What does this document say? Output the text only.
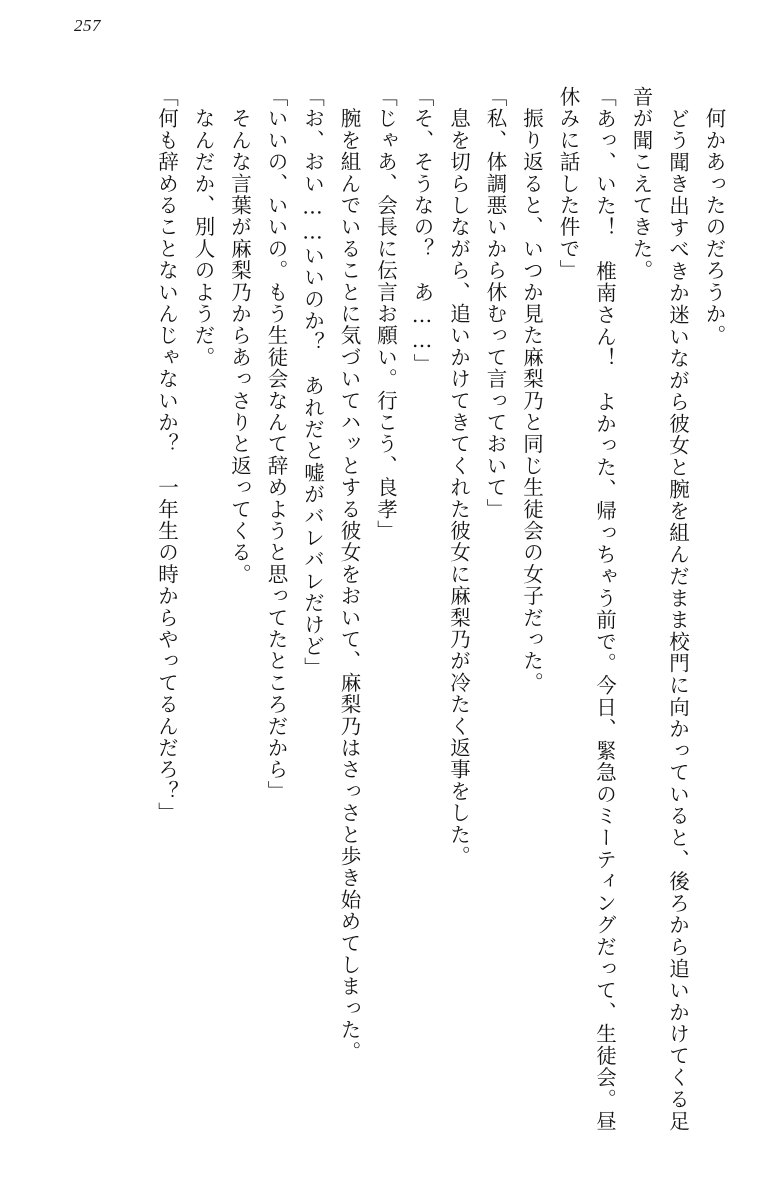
257

　何かあったのだろうか。

　どう聞き出すべきか迷いながら彼女と腕を組んだまま校門に向かっていると、後ろから追いかけてくる足音が聞こえてきた。

「あっ、いた！　椎南さん！　よかった、帰っちゃう前で。今日、緊急のミーティングだって、生徒会。昼休みに話した件で」

　振り返ると、いつか見た麻梨乃と同じ生徒会の女子だった。

「私、体調悪いから休むって言っておいて」

　息を切らしながら、追いかけてきてくれた彼女に麻梨乃が冷たく返事をした。

「そ、そうなの？　あ……」

「じゃあ、会長に伝言お願い。行こう、良孝」

　腕を組んでいることに気づいてハッとする彼女をおいて、麻梨乃はさっさと歩き始めてしまった。

「お、おい……いいのか？　あれだと嘘がバレバレだけど」

「いいの、いいの。もう生徒会なんて辞めようと思ってたところだから」

　そんな言葉が麻梨乃からあっさりと返ってくる。

　なんだか、別人のようだ。

「何も辞めることないんじゃないか？　一年生の時からやってるんだろ？」
